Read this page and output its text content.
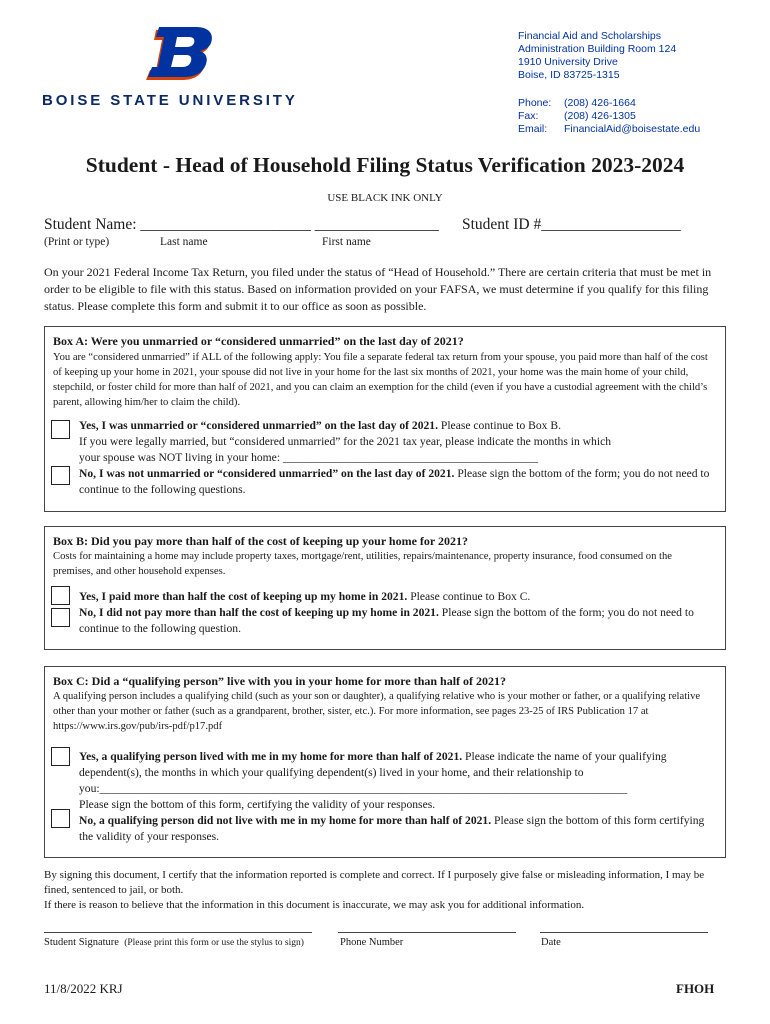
BOISE STATE UNIVERSITY
Financial Aid and Scholarships
Administration Building Room 124
1910 University Drive
Boise, ID 83725-1315
Phone:	(208) 426-1664
Fax:	(208) 426-1305
Email:	FinancialAid@boisestate.edu
Student - Head of Household Filing Status Verification 2023-2024
USE BLACK INK ONLY
Student Name: ______________________ ________________ Student ID #__________________
(Print or type)	Last name	First name
On your 2021 Federal Income Tax Return, you filed under the status of “Head of Household.” There are certain criteria that must be met in order to be eligible to file with this status. Based on information provided on your FAFSA, we must determine if you qualify for this filing status. Please complete this form and submit it to our office as soon as possible.
Box A: Were you unmarried or “considered unmarried” on the last day of 2021?
You are “considered unmarried” if ALL of the following apply: You file a separate federal tax return from your spouse, you paid more than half of the cost of keeping up your home in 2021, your spouse did not live in your home for the last six months of 2021, your home was the main home of your child, stepchild, or foster child for more than half of 2021, and you can claim an exemption for the child (even if you have a custodial agreement with the child’s parent, allowing him/her to claim the child).
Yes, I was unmarried or “considered unmarried” on the last day of 2021. Please continue to Box B.
If you were legally married, but “considered unmarried” for the 2021 tax year, please indicate the months in which
your spouse was NOT living in your home: ____________________________________________
No, I was not unmarried or “considered unmarried” on the last day of 2021. Please sign the bottom of the form; you do not need to continue to the following questions.
Box B: Did you pay more than half of the cost of keeping up your home for 2021?
Costs for maintaining a home may include property taxes, mortgage/rent, utilities, repairs/maintenance, property insurance, food consumed on the premises, and other household expenses.
Yes, I paid more than half the cost of keeping up my home in 2021. Please continue to Box C.
No, I did not pay more than half the cost of keeping up my home in 2021. Please sign the bottom of the form; you do not need to continue to the following question.
Box C: Did a “qualifying person” live with you in your home for more than half of 2021?
A qualifying person includes a qualifying child (such as your son or daughter), a qualifying relative who is your mother or father, or a qualifying relative other than your mother or father (such as a grandparent, brother, sister, etc.). For more information, see pages 23-25 of IRS Publication 17 at https://www.irs.gov/pub/irs-pdf/p17.pdf
Yes, a qualifying person lived with me in my home for more than half of 2021. Please indicate the name of your qualifying dependent(s), the months in which your qualifying dependent(s) lived in your home, and their relationship to you:___________________________________________________________________________________________
Please sign the bottom of this form, certifying the validity of your responses.
No, a qualifying person did not live with me in my home for more than half of 2021. Please sign the bottom of this form certifying the validity of your responses.
By signing this document, I certify that the information reported is complete and correct. If I purposely give false or misleading information, I may be fined, sentenced to jail, or both.
If there is reason to believe that the information in this document is inaccurate, we may ask you for additional information.
Student Signature (Please print this form or use the stylus to sign)	Phone Number	Date
11/8/2022 KRJ	FHOH
